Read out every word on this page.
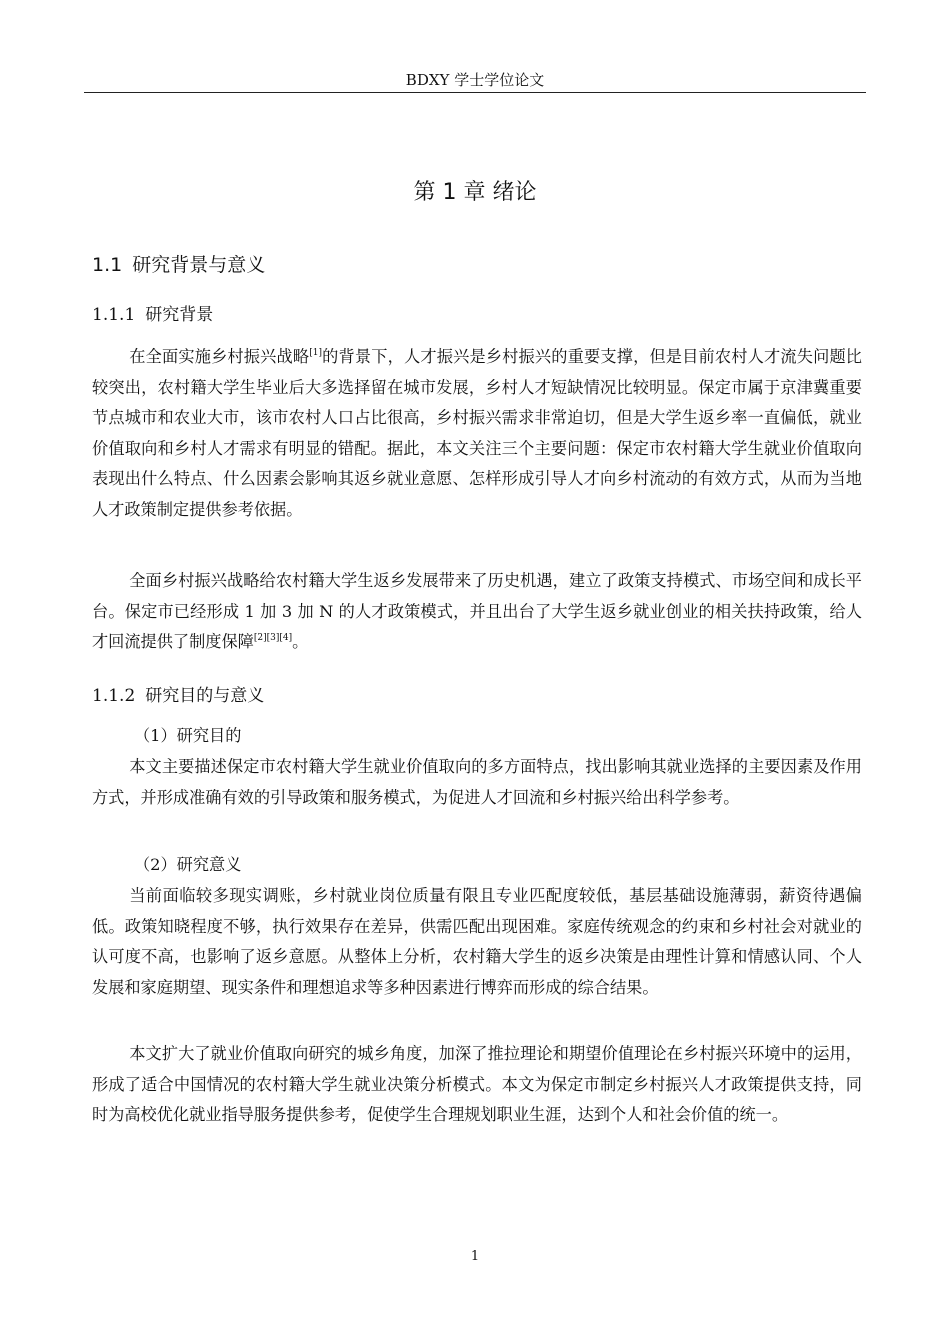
BDXY 学士学位论文
第 1 章 绪论
1.1 研究背景与意义
1.1.1 研究背景

在全面实施乡村振兴战略[1]的背景下，人才振兴是乡村振兴的重要支撑，但是目前农村人才流失问题比较突出，农村籍大学生毕业后大多选择留在城市发展，乡村人才短缺情况比较明显。保定市属于京津冀重要节点城市和农业大市，该市农村人口占比很高，乡村振兴需求非常迫切，但是大学生返乡率一直偏低，就业价值取向和乡村人才需求有明显的错配。据此，本文关注三个主要问题：保定市农村籍大学生就业价值取向表现出什么特点、什么因素会影响其返乡就业意愿、怎样形成引导人才向乡村流动的有效方式，从而为当地人才政策制定提供参考依据。

全面乡村振兴战略给农村籍大学生返乡发展带来了历史机遇，建立了政策支持模式、市场空间和成长平台。保定市已经形成 1 加 3 加 N 的人才政策模式，并且出台了大学生返乡就业创业的相关扶持政策，给人才回流提供了制度保障[2][3][4]。

1.1.2 研究目的与意义
（1）研究目的

本文主要描述保定市农村籍大学生就业价值取向的多方面特点，找出影响其就业选择的主要因素及作用方式，并形成准确有效的引导政策和服务模式，为促进人才回流和乡村振兴给出科学参考。

（2）研究意义

当前面临较多现实调账，乡村就业岗位质量有限且专业匹配度较低，基层基础设施薄弱，薪资待遇偏低。政策知晓程度不够，执行效果存在差异，供需匹配出现困难。家庭传统观念的约束和乡村社会对就业的认可度不高，也影响了返乡意愿。从整体上分析，农村籍大学生的返乡决策是由理性计算和情感认同、个人发展和家庭期望、现实条件和理想追求等多种因素进行博弈而形成的综合结果。

本文扩大了就业价值取向研究的城乡角度，加深了推拉理论和期望价值理论在乡村振兴环境中的运用，形成了适合中国情况的农村籍大学生就业决策分析模式。本文为保定市制定乡村振兴人才政策提供支持，同时为高校优化就业指导服务提供参考，促使学生合理规划职业生涯，达到个人和社会价值的统一。

1
